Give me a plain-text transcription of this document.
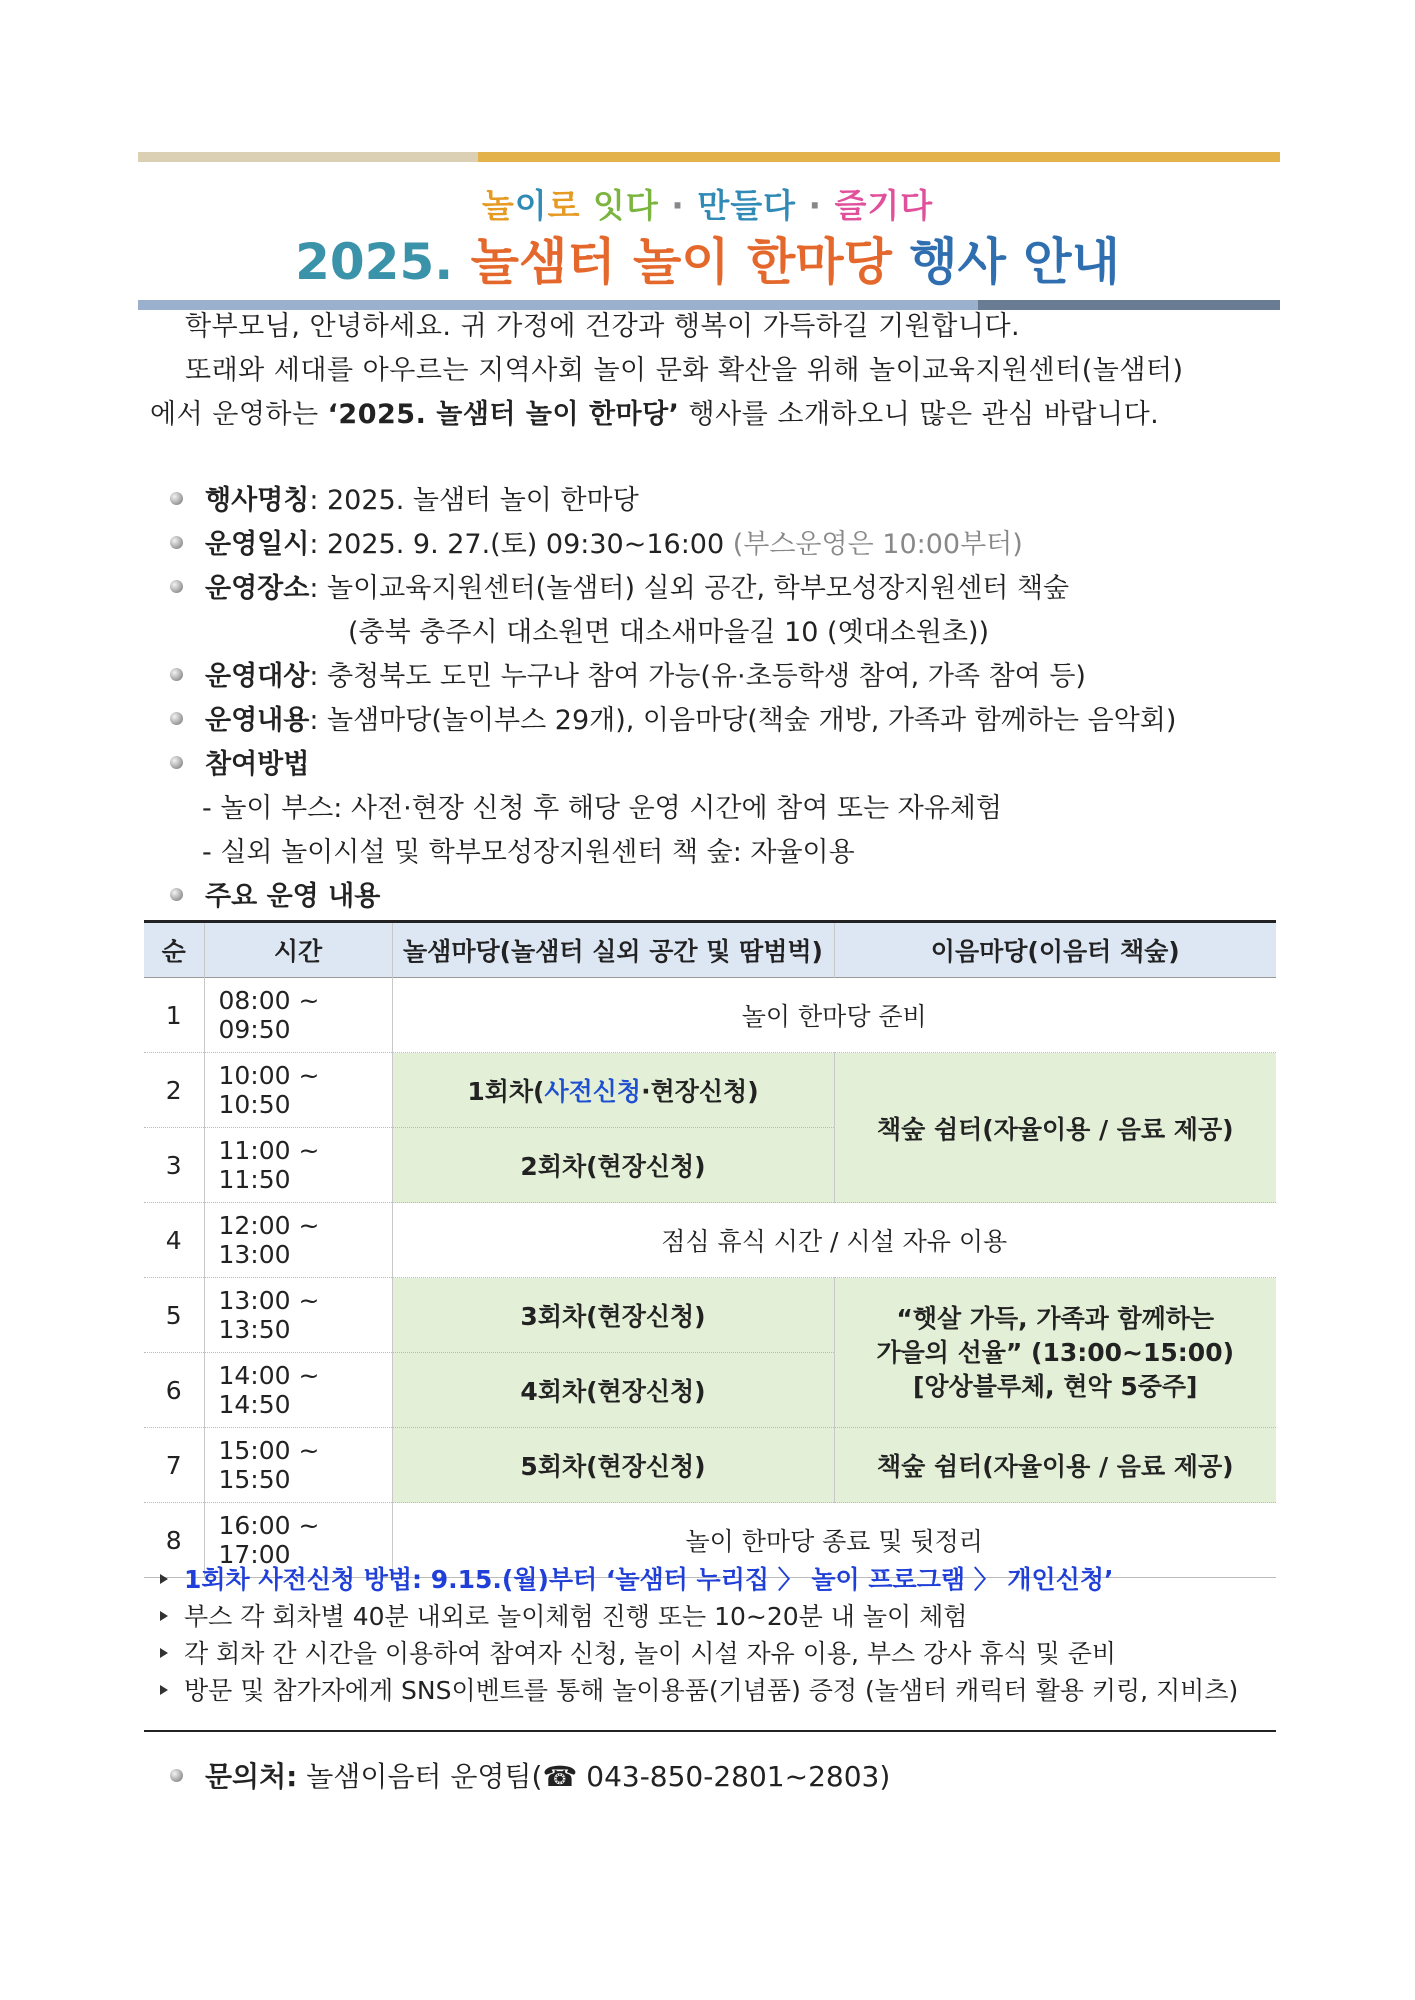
놀이로 잇다 · 만들다 · 즐기다
2025. 놀샘터 놀이 한마당 행사 안내
학부모님, 안녕하세요. 귀 가정에 건강과 행복이 가득하길 기원합니다.
또래와 세대를 아우르는 지역사회 놀이 문화 확산을 위해 놀이교육지원센터(놀샘터)
에서 운영하는 ‘2025. 놀샘터 놀이 한마당’ 행사를 소개하오니 많은 관심 바랍니다.
행사명칭: 2025. 놀샘터 놀이 한마당
운영일시: 2025. 9. 27.(토) 09:30~16:00 (부스운영은 10:00부터)
운영장소: 놀이교육지원센터(놀샘터) 실외 공간, 학부모성장지원센터 책숲
(충북 충주시 대소원면 대소새마을길 10 (옛대소원초))
운영대상: 충청북도 도민 누구나 참여 가능(유·초등학생 참여, 가족 참여 등)
운영내용: 놀샘마당(놀이부스 29개), 이음마당(책숲 개방, 가족과 함께하는 음악회)
참여방법
- 놀이 부스: 사전·현장 신청 후 해당 운영 시간에 참여 또는 자유체험
- 실외 놀이시설 및 학부모성장지원센터 책 숲: 자율이용
주요 운영 내용
순	시간	놀샘마당(놀샘터 실외 공간 및 땀범벅)	이음마당(이음터 책숲)
1	08:00 ~ 09:50	놀이 한마당 준비	
2	10:00 ~ 10:50	1회차(사전신청·현장신청)	책숲 쉼터(자율이용 / 음료 제공)
3	11:00 ~ 11:50	2회차(현장신청)	
4	12:00 ~ 13:00	점심 휴식 시간 / 시설 자유 이용	
5	13:00 ~ 13:50	3회차(현장신청)	“햇살 가득, 가족과 함께하는
가을의 선율” (13:00~15:00)
[앙상블루체, 현악 5중주]

6	14:00 ~ 14:50	4회차(현장신청)	
7	15:00 ~ 15:50	5회차(현장신청)	책숲 쉼터(자율이용 / 음료 제공)
8	16:00 ~ 17:00	놀이 한마당 종료 및 뒷정리	
1회차 사전신청 방법: 9.15.(월)부터 ‘놀샘터 누리집 〉 놀이 프로그램 〉 개인신청’
부스 각 회차별 40분 내외로 놀이체험 진행 또는 10~20분 내 놀이 체험
각 회차 간 시간을 이용하여 참여자 신청, 놀이 시설 자유 이용, 부스 강사 휴식 및 준비
방문 및 참가자에게 SNS이벤트를 통해 놀이용품(기념품) 증정 (놀샘터 캐릭터 활용 키링, 지비츠)
문의처: 놀샘이음터 운영팀(☎ 043-850-2801~2803)
